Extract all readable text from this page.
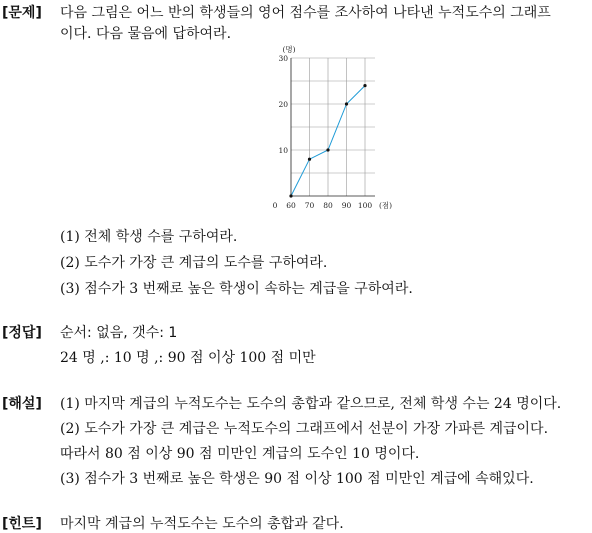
[문제] 다음 그림은 어느 반의 학생들의 영어 점수를 조사하여 나타낸 누적도수의 그래프
이다. 다음 물음에 답하여라.
0 60 70 80 90 100
10
20
30
(명)
(점)
(1) 전체 학생 수를 구하여라.
(2) 도수가 가장 큰 계급의 도수를 구하여라.
(3) 점수가 3 번째로 높은 학생이 속하는 계급을 구하여라.
[정답] 순서: 없음, 갯수: 1
24 명 ,: 10 명 ,: 90 점 이상 100 점 미만
[해설] (1) 마지막 계급의 누적도수는 도수의 총합과 같으므로, 전체 학생 수는 24 명이다.
(2) 도수가 가장 큰 계급은 누적도수의 그래프에서 선분이 가장 가파른 계급이다.
따라서 80 점 이상 90 점 미만인 계급의 도수인 10 명이다.
(3) 점수가 3 번째로 높은 학생은 90 점 이상 100 점 미만인 계급에 속해있다.
[힌트] 마지막 계급의 누적도수는 도수의 총합과 같다.
